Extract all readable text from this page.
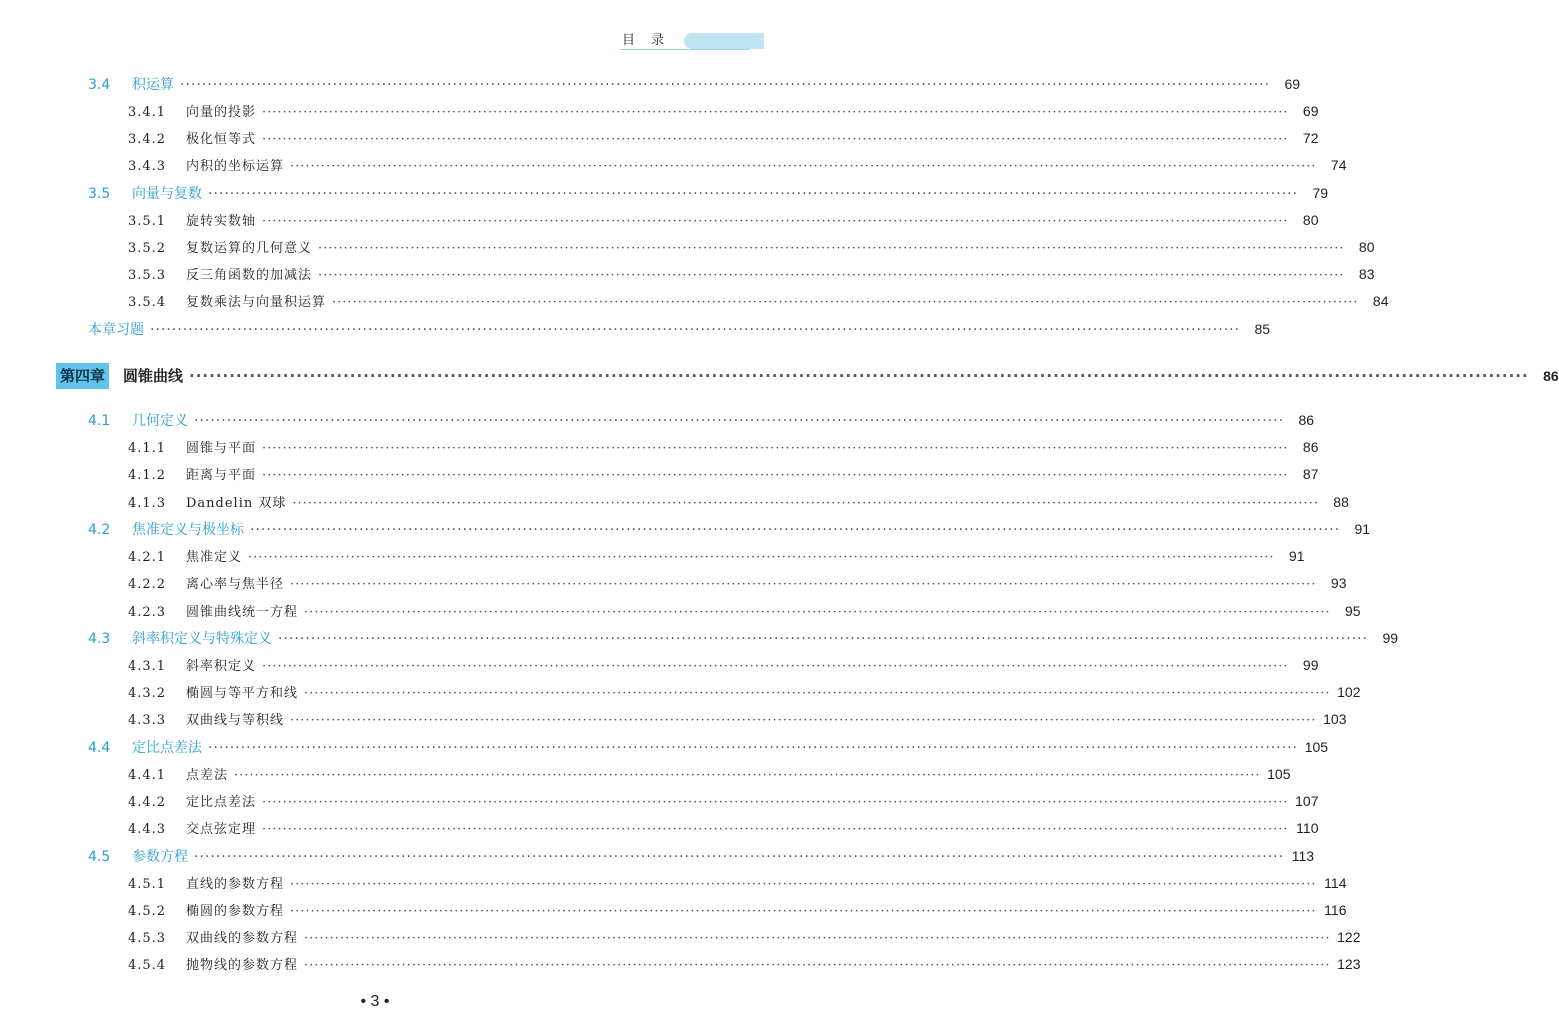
目 录
3.4	积运算 ········································································································································································································	69
3.4.1	向量的投影 ········································································································································································································	69
3.4.2	极化恒等式 ········································································································································································································	72
3.4.3	内积的坐标运算 ········································································································································································································	74
3.5	向量与复数 ········································································································································································································	79
3.5.1	旋转实数轴 ········································································································································································································	80
3.5.2	复数运算的几何意义 ········································································································································································································	80
3.5.3	反三角函数的加减法 ········································································································································································································	83
3.5.4	复数乘法与向量积运算 ········································································································································································································	84
本章习题 ········································································································································································································	85
第四章 圆锥曲线 ········································································································································································································	86
4.1	几何定义 ········································································································································································································	86
4.1.1	圆锥与平面 ········································································································································································································	86
4.1.2	距离与平面 ········································································································································································································	87
4.1.3	Dandelin 双球 ········································································································································································································	88
4.2	焦准定义与极坐标 ········································································································································································································	91
4.2.1	焦准定义 ········································································································································································································	91
4.2.2	离心率与焦半径 ········································································································································································································	93
4.2.3	圆锥曲线统一方程 ········································································································································································································	95
4.3	斜率积定义与特殊定义 ········································································································································································································	99
4.3.1	斜率积定义 ········································································································································································································	99
4.3.2	椭圆与等平方和线 ········································································································································································································ 102
4.3.3	双曲线与等积线 ········································································································································································································ 103
4.4	定比点差法 ········································································································································································································ 105
4.4.1	点差法 ········································································································································································································ 105
4.4.2	定比点差法 ········································································································································································································ 107
4.4.3	交点弦定理 ········································································································································································································ 110
4.5	参数方程 ········································································································································································································ 113
4.5.1	直线的参数方程 ········································································································································································································ 114
4.5.2	椭圆的参数方程 ········································································································································································································ 116
4.5.3	双曲线的参数方程 ········································································································································································································ 122
4.5.4	抛物线的参数方程 ········································································································································································································ 123
• 3 •
